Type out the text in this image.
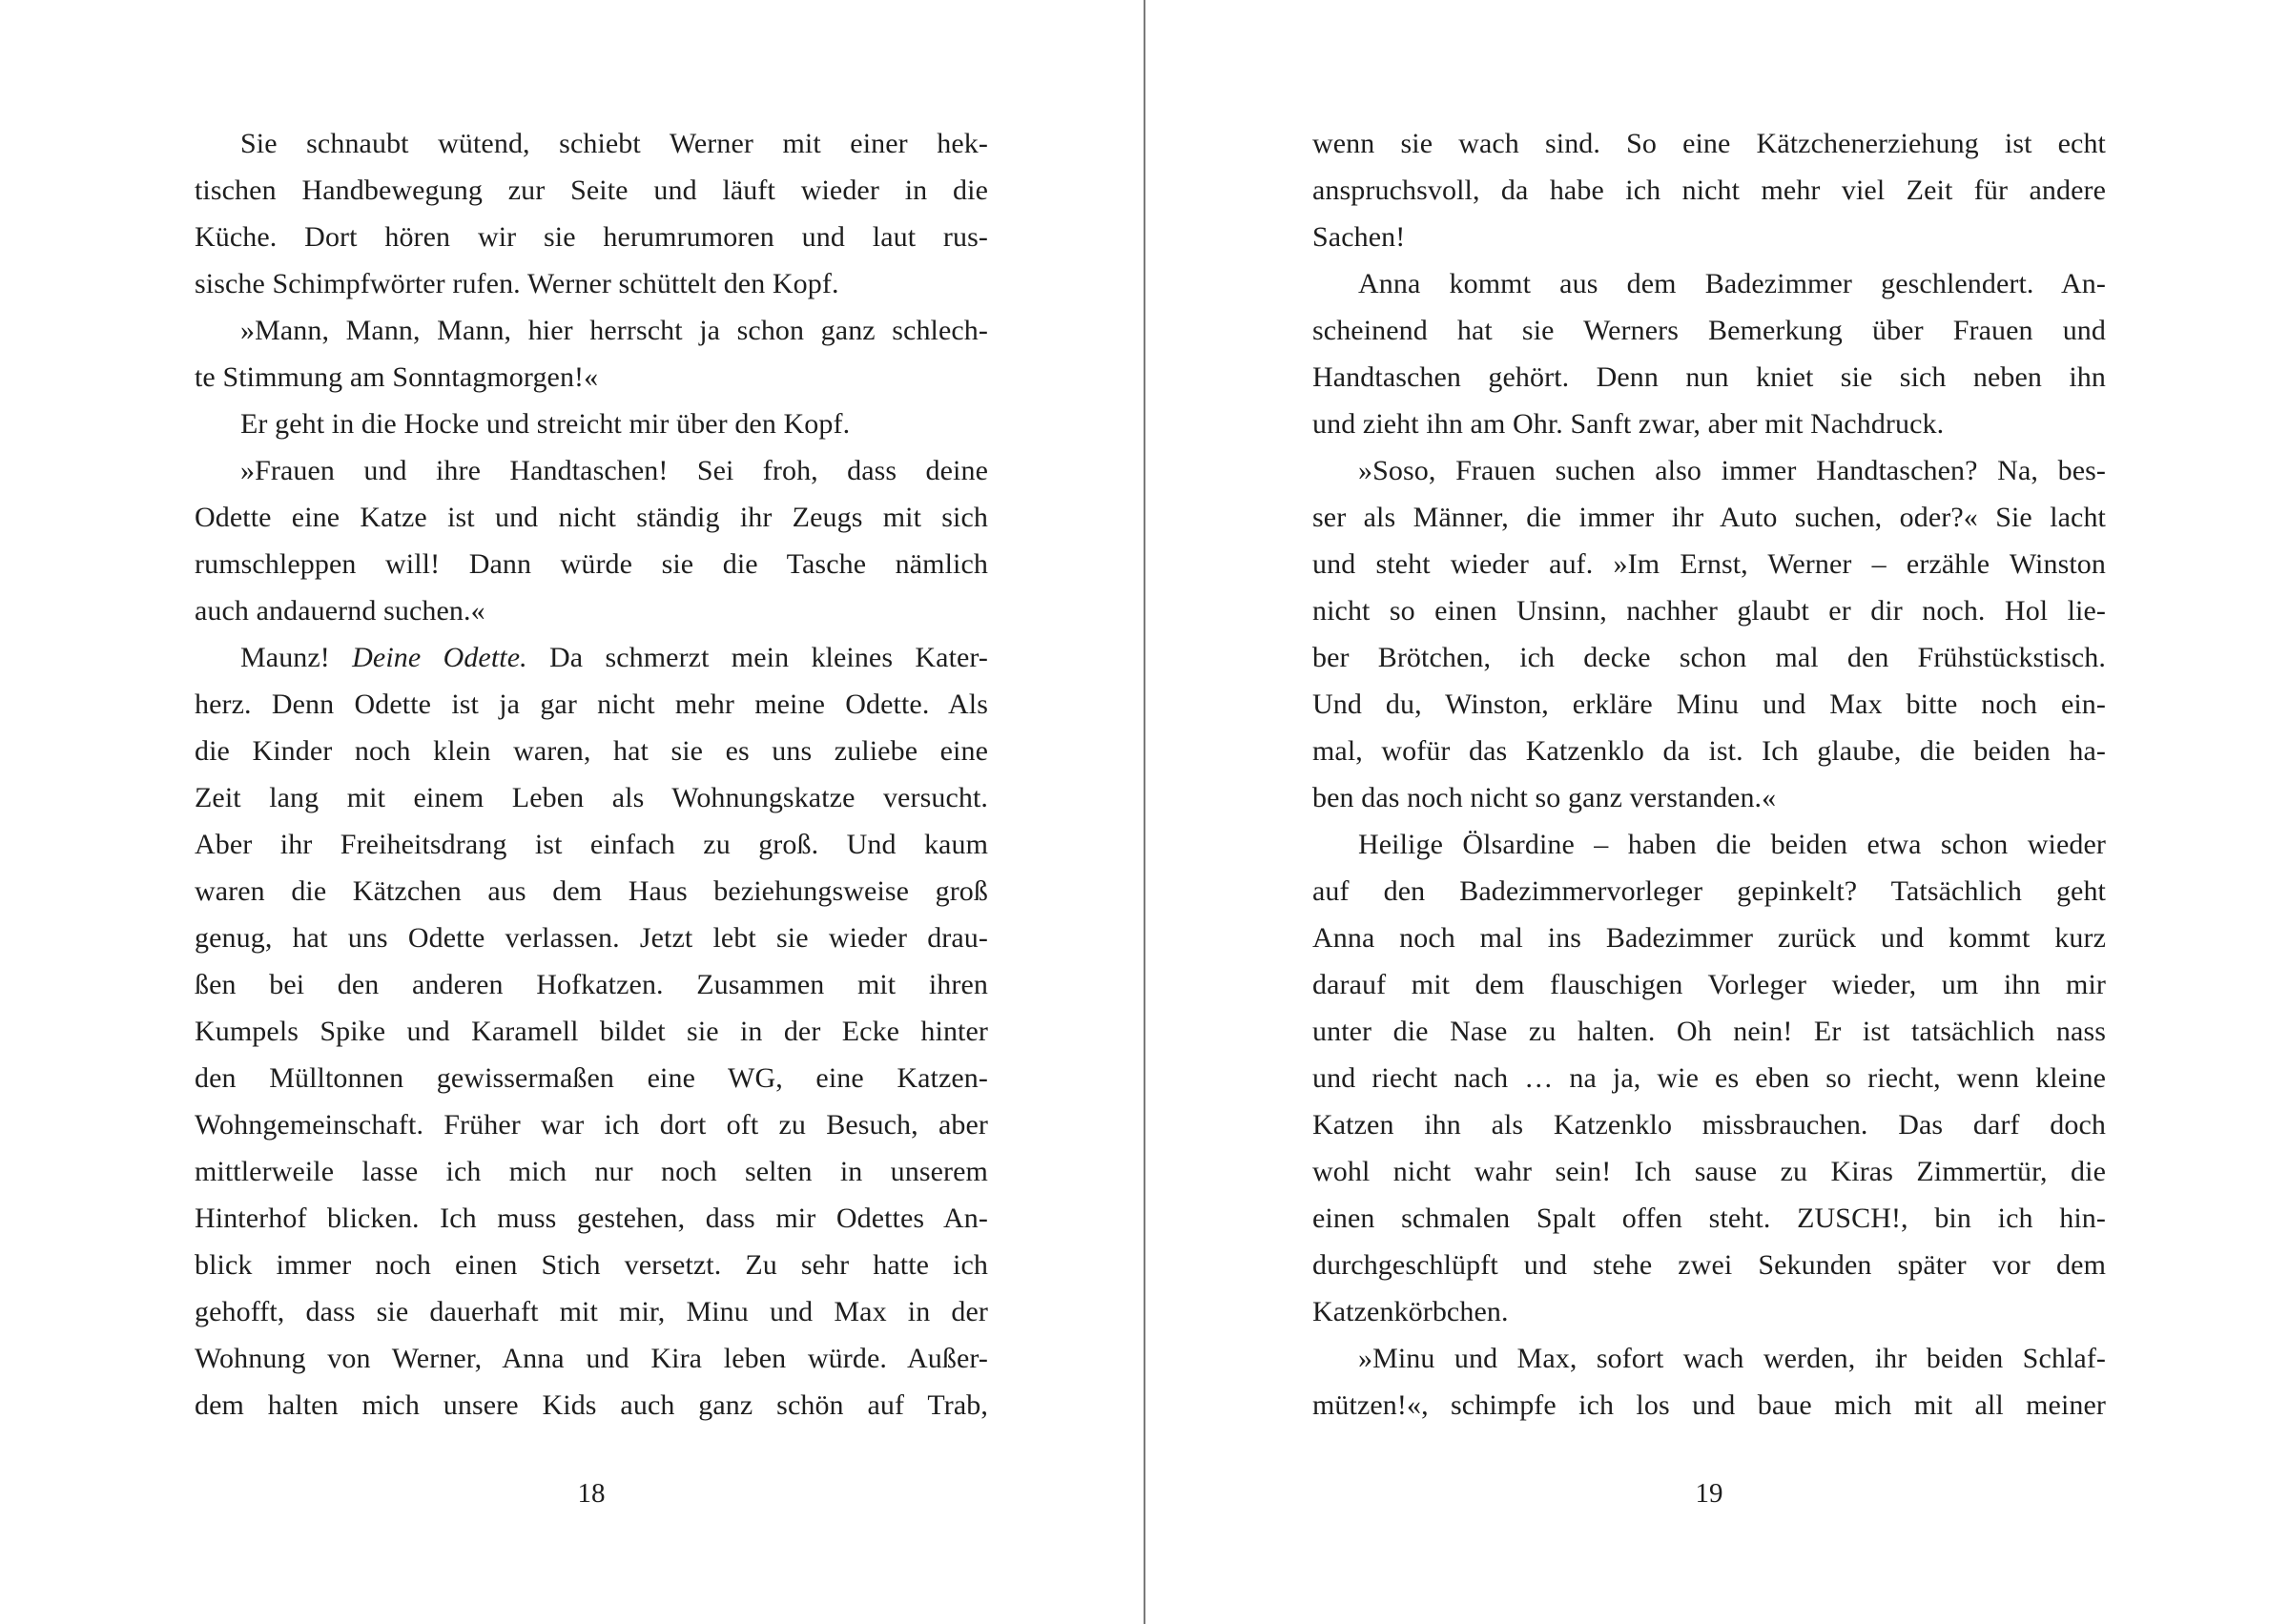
Sie schnaubt wütend, schiebt Werner mit einer hek-
tischen Handbewegung zur Seite und läuft wieder in die
Küche. Dort hören wir sie herumrumoren und laut rus-
sische Schimpfwörter rufen. Werner schüttelt den Kopf.
»Mann, Mann, Mann, hier herrscht ja schon ganz schlech-
te Stimmung am Sonntagmorgen!«
Er geht in die Hocke und streicht mir über den Kopf.
»Frauen und ihre Handtaschen! Sei froh, dass deine
Odette eine Katze ist und nicht ständig ihr Zeugs mit sich
rumschleppen will! Dann würde sie die Tasche nämlich
auch andauernd suchen.«
Maunz! Deine Odette. Da schmerzt mein kleines Kater-
herz. Denn Odette ist ja gar nicht mehr meine Odette. Als
die Kinder noch klein waren, hat sie es uns zuliebe eine
Zeit lang mit einem Leben als Wohnungskatze versucht.
Aber ihr Freiheitsdrang ist einfach zu groß. Und kaum
waren die Kätzchen aus dem Haus beziehungsweise groß
genug, hat uns Odette verlassen. Jetzt lebt sie wieder drau-
ßen bei den anderen Hofkatzen. Zusammen mit ihren
Kumpels Spike und Karamell bildet sie in der Ecke hinter
den Mülltonnen gewissermaßen eine WG, eine Katzen-
Wohngemeinschaft. Früher war ich dort oft zu Besuch, aber
mittlerweile lasse ich mich nur noch selten in unserem
Hinterhof blicken. Ich muss gestehen, dass mir Odettes An-
blick immer noch einen Stich versetzt. Zu sehr hatte ich
gehofft, dass sie dauerhaft mit mir, Minu und Max in der
Wohnung von Werner, Anna und Kira leben würde. Außer-
dem halten mich unsere Kids auch ganz schön auf Trab,
18
wenn sie wach sind. So eine Kätzchenerziehung ist echt
anspruchsvoll, da habe ich nicht mehr viel Zeit für andere
Sachen!
Anna kommt aus dem Badezimmer geschlendert. An-
scheinend hat sie Werners Bemerkung über Frauen und
Handtaschen gehört. Denn nun kniet sie sich neben ihn
und zieht ihn am Ohr. Sanft zwar, aber mit Nachdruck.
»Soso, Frauen suchen also immer Handtaschen? Na, bes-
ser als Männer, die immer ihr Auto suchen, oder?« Sie lacht
und steht wieder auf. »Im Ernst, Werner – erzähle Winston
nicht so einen Unsinn, nachher glaubt er dir noch. Hol lie-
ber Brötchen, ich decke schon mal den Frühstückstisch.
Und du, Winston, erkläre Minu und Max bitte noch ein-
mal, wofür das Katzenklo da ist. Ich glaube, die beiden ha-
ben das noch nicht so ganz verstanden.«
Heilige Ölsardine – haben die beiden etwa schon wieder
auf den Badezimmervorleger gepinkelt? Tatsächlich geht
Anna noch mal ins Badezimmer zurück und kommt kurz
darauf mit dem flauschigen Vorleger wieder, um ihn mir
unter die Nase zu halten. Oh nein! Er ist tatsächlich nass
und riecht nach … na ja, wie es eben so riecht, wenn kleine
Katzen ihn als Katzenklo missbrauchen. Das darf doch
wohl nicht wahr sein! Ich sause zu Kiras Zimmertür, die
einen schmalen Spalt offen steht. ZUSCH!, bin ich hin-
durchgeschlüpft und stehe zwei Sekunden später vor dem
Katzenkörbchen.
»Minu und Max, sofort wach werden, ihr beiden Schlaf-
mützen!«, schimpfe ich los und baue mich mit all meiner
19
